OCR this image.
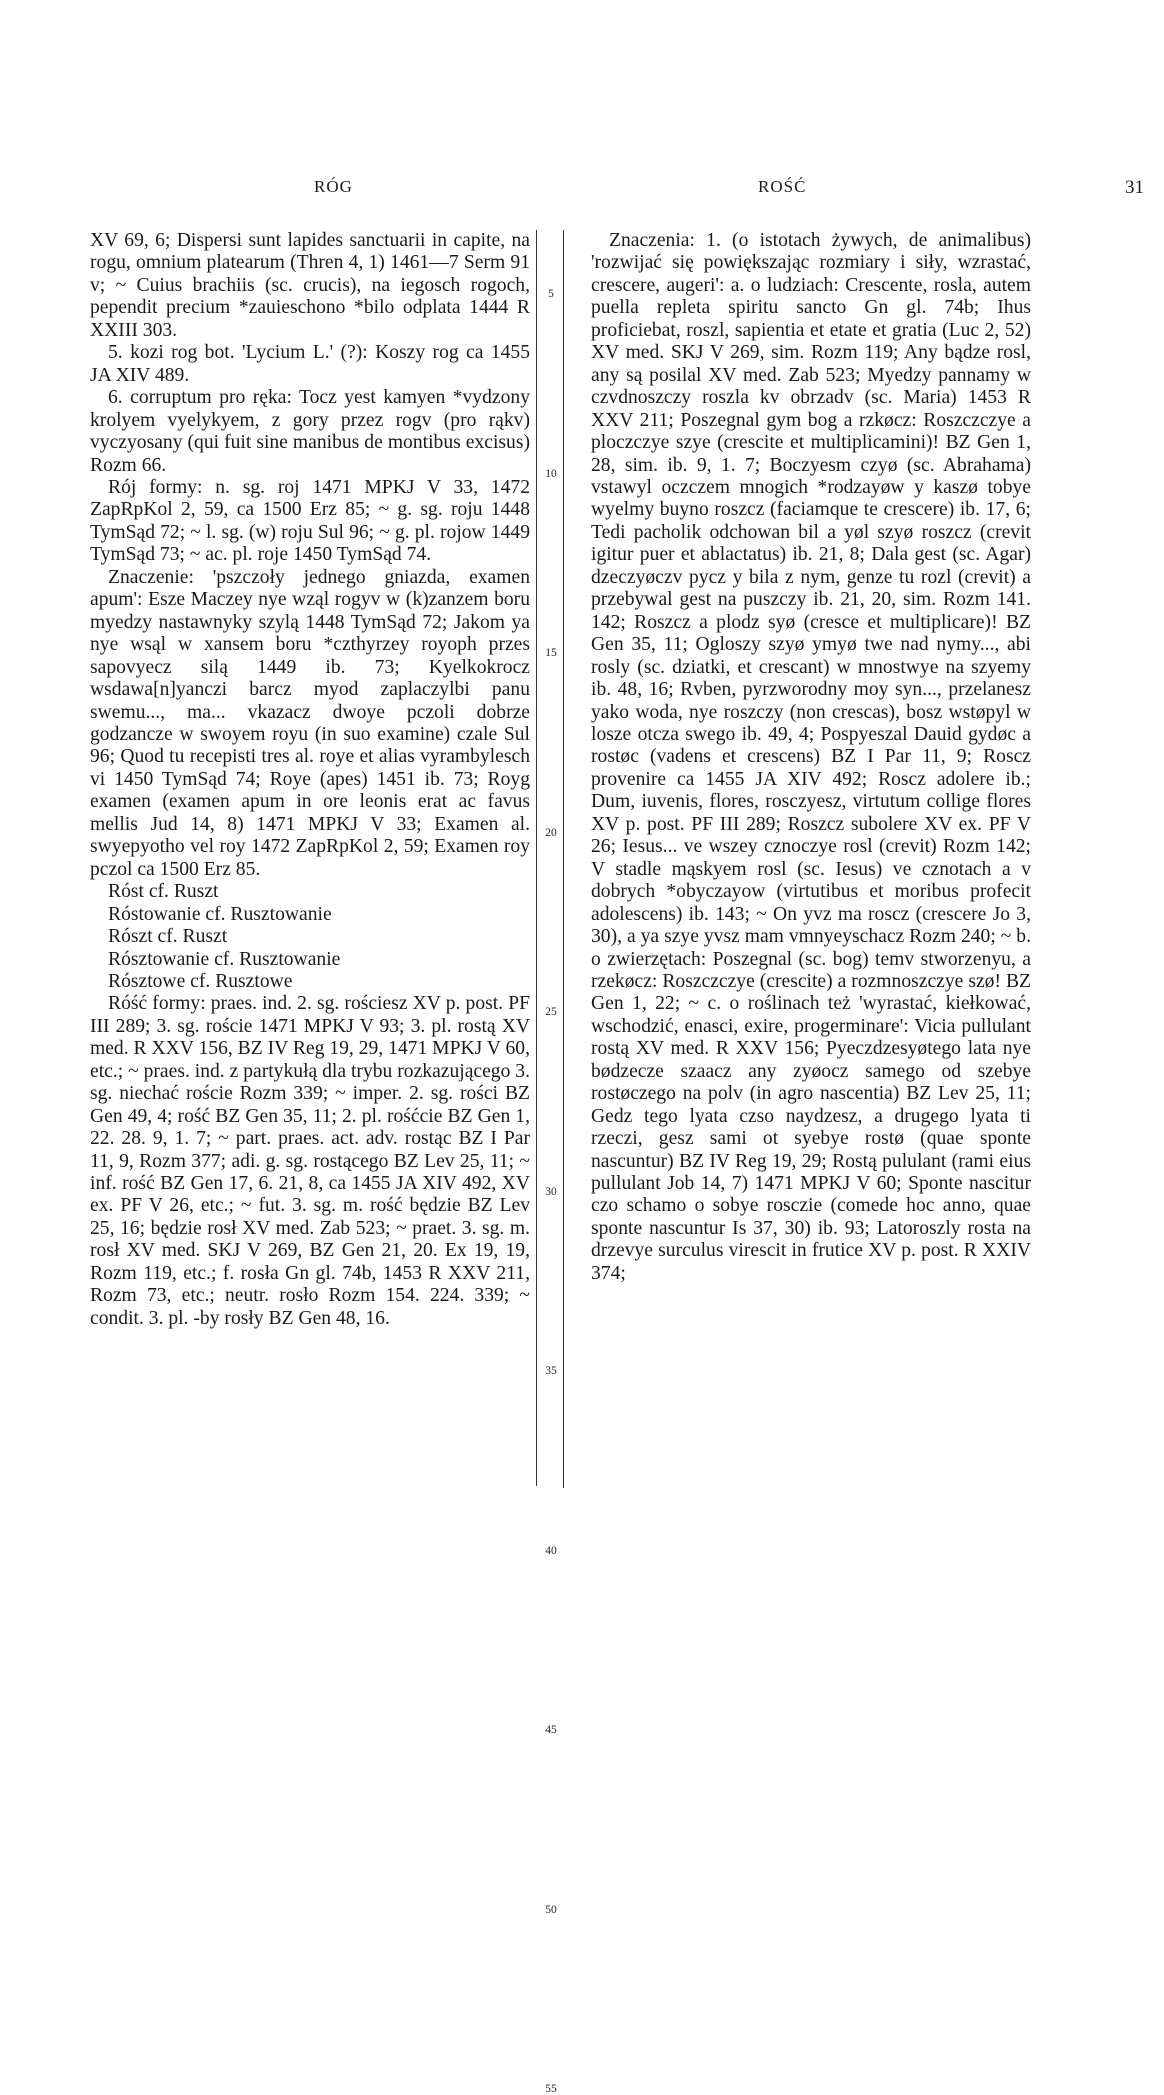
RÓG	ROŚĆ	31

XV 69, 6; Dispersi sunt lapides sanctuarii in capite, na rogu, omnium platearum (Thren 4, 1) 1461—7 Serm 91 v; ~ Cuius brachiis (sc. crucis), na iegosch rogoch, pependit precium *zauieschono *bilo odplata 1444 R XXIII 303.

5. kozi rog bot. 'Lycium L.' (?): Koszy rog ca 1455 JA XIV 489.

6. corruptum pro ręka: Tocz yest kamyen *vydzony krolyem vyelykyem, z gory przez rogv (pro rąkv) vyczyosany (qui fuit sine manibus de montibus excisus) Rozm 66.

Rój formy: n. sg. roj 1471 MPKJ V 33, 1472 ZapRpKol 2, 59, ca 1500 Erz 85; ~ g. sg. roju 1448 TymSąd 72; ~ l. sg. (w) roju Sul 96; ~ g. pl. rojow 1449 TymSąd 73; ~ ac. pl. roje 1450 TymSąd 74.

Znaczenie: 'pszczoły jednego gniazda, examen apum': Esze Maczey nye wząl rogyv w (k)zanzem boru myedzy nastawnyky szylą 1448 TymSąd 72; Jakom ya nye wsąl w xansem boru *czthyrzey royoph przes sapovyecz silą 1449 ib. 73; Kyelkokrocz wsdawa[n]yanczi barcz myod zaplaczylbi panu swemu..., ma... vkazacz dwoye pczoli dobrze godzancze w swoyem royu (in suo examine) czale Sul 96; Quod tu recepisti tres al. roye et alias vyrambylesch vi 1450 TymSąd 74; Roye (apes) 1451 ib. 73; Royg examen (examen apum in ore leonis erat ac favus mellis Jud 14, 8) 1471 MPKJ V 33; Examen al. swyepyotho vel roy 1472 ZapRpKol 2, 59; Examen roy pczol ca 1500 Erz 85.

Róst cf. Ruszt

Róstowanie cf. Rusztowanie

Rószt cf. Ruszt

Rósztowanie cf. Rusztowanie

Rósztowe cf. Rusztowe

Róść formy: praes. ind. 2. sg. rościesz XV p. post. PF III 289; 3. sg. roście 1471 MPKJ V 93; 3. pl. rostą XV med. R XXV 156, BZ IV Reg 19, 29, 1471 MPKJ V 60, etc.; ~ praes. ind. z partykułą dla trybu rozkazującego 3. sg. niechać roście Rozm 339; ~ imper. 2. sg. rości BZ Gen 49, 4; rość BZ Gen 35, 11; 2. pl. rośćcie BZ Gen 1, 22. 28. 9, 1. 7; ~ part. praes. act. adv. rostąc BZ I Par 11, 9, Rozm 377; adi. g. sg. rostącego BZ Lev 25, 11; ~ inf. rość BZ Gen 17, 6. 21, 8, ca 1455 JA XIV 492, XV ex. PF V 26, etc.; ~ fut. 3. sg. m. rość będzie BZ Lev 25, 16; będzie rosł XV med. Zab 523; ~ praet. 3. sg. m. rosł XV med. SKJ V 269, BZ Gen 21, 20. Ex 19, 19, Rozm 119, etc.; f. rosła Gn gl. 74b, 1453 R XXV 211, Rozm 73, etc.; neutr. rosło Rozm 154. 224. 339; ~ condit. 3. pl. -by rosły BZ Gen 48, 16.

5
10
15
20
25
30
35
40
45
50
55

Znaczenia: 1. (o istotach żywych, de animalibus) 'rozwijać się powiększając rozmiary i siły, wzrastać, crescere, augeri': a. o ludziach: Crescente, rosla, autem puella repleta spiritu sancto Gn gl. 74b; Ihus proficiebat, roszl, sapientia et etate et gratia (Luc 2, 52) XV med. SKJ V 269, sim. Rozm 119; Any bądze rosl, any są posilal XV med. Zab 523; Myedzy pannamy w czvdnoszczy roszla kv obrzadv (sc. Maria) 1453 R XXV 211; Poszegnal gym bog a rzkøcz: Roszczczye a ploczczye szye (crescite et multiplicamini)! BZ Gen 1, 28, sim. ib. 9, 1. 7; Boczyesm czyø (sc. Abrahama) vstawyl oczczem mnogich *rodzayøw y kaszø tobye wyelmy buyno roszcz (faciamque te crescere) ib. 17, 6; Tedi pacholik odchowan bil a yøl szyø roszcz (crevit igitur puer et ablactatus) ib. 21, 8; Dala gest (sc. Agar) dzeczyøczv pycz y bila z nym, genze tu rozl (crevit) a przebywal gest na puszczy ib. 21, 20, sim. Rozm 141. 142; Roszcz a plodz syø (cresce et multiplicare)! BZ Gen 35, 11; Ogloszy szyø ymyø twe nad nymy..., abi rosly (sc. dziatki, et crescant) w mnostwye na szyemy ib. 48, 16; Rvben, pyrzworodny moy syn..., przelanesz yako woda, nye roszczy (non crescas), bosz wstøpyl w losze otcza swego ib. 49, 4; Pospyeszal Dauid gydøc a rostøc (vadens et crescens) BZ I Par 11, 9; Roscz provenire ca 1455 JA XIV 492; Roscz adolere ib.; Dum, iuvenis, flores, rosczyesz, virtutum collige flores XV p. post. PF III 289; Roszcz subolere XV ex. PF V 26; Iesus... ve wszey cznoczye rosl (crevit) Rozm 142; V stadle mąskyem rosl (sc. Iesus) ve cznotach a v dobrych *obyczayow (virtutibus et moribus profecit adolescens) ib. 143; ~ On yvz ma roscz (crescere Jo 3, 30), a ya szye yvsz mam vmnyeyschacz Rozm 240; ~ b. o zwierzętach: Poszegnal (sc. bog) temv stworzenyu, a rzekøcz: Roszczczye (crescite) a rozmnoszczye szø! BZ Gen 1, 22; ~ c. o roślinach też 'wyrastać, kiełkować, wschodzić, enasci, exire, progerminare': Vicia pullulant rostą XV med. R XXV 156; Pyeczdzesyøtego lata nye bødzecze szaacz any zyøocz samego od szebye rostøczego na polv (in agro nascentia) BZ Lev 25, 11; Gedz tego lyata czso naydzesz, a drugego lyata ti rzeczi, gesz sami ot syebye rostø (quae sponte nascuntur) BZ IV Reg 19, 29; Rostą pululant (rami eius pullulant Job 14, 7) 1471 MPKJ V 60; Sponte nascitur czo schamo o sobye rosczie (comede hoc anno, quae sponte nascuntur Is 37, 30) ib. 93; Latoroszly rosta na drzevye surculus virescit in frutice XV p. post. R XXIV 374;
